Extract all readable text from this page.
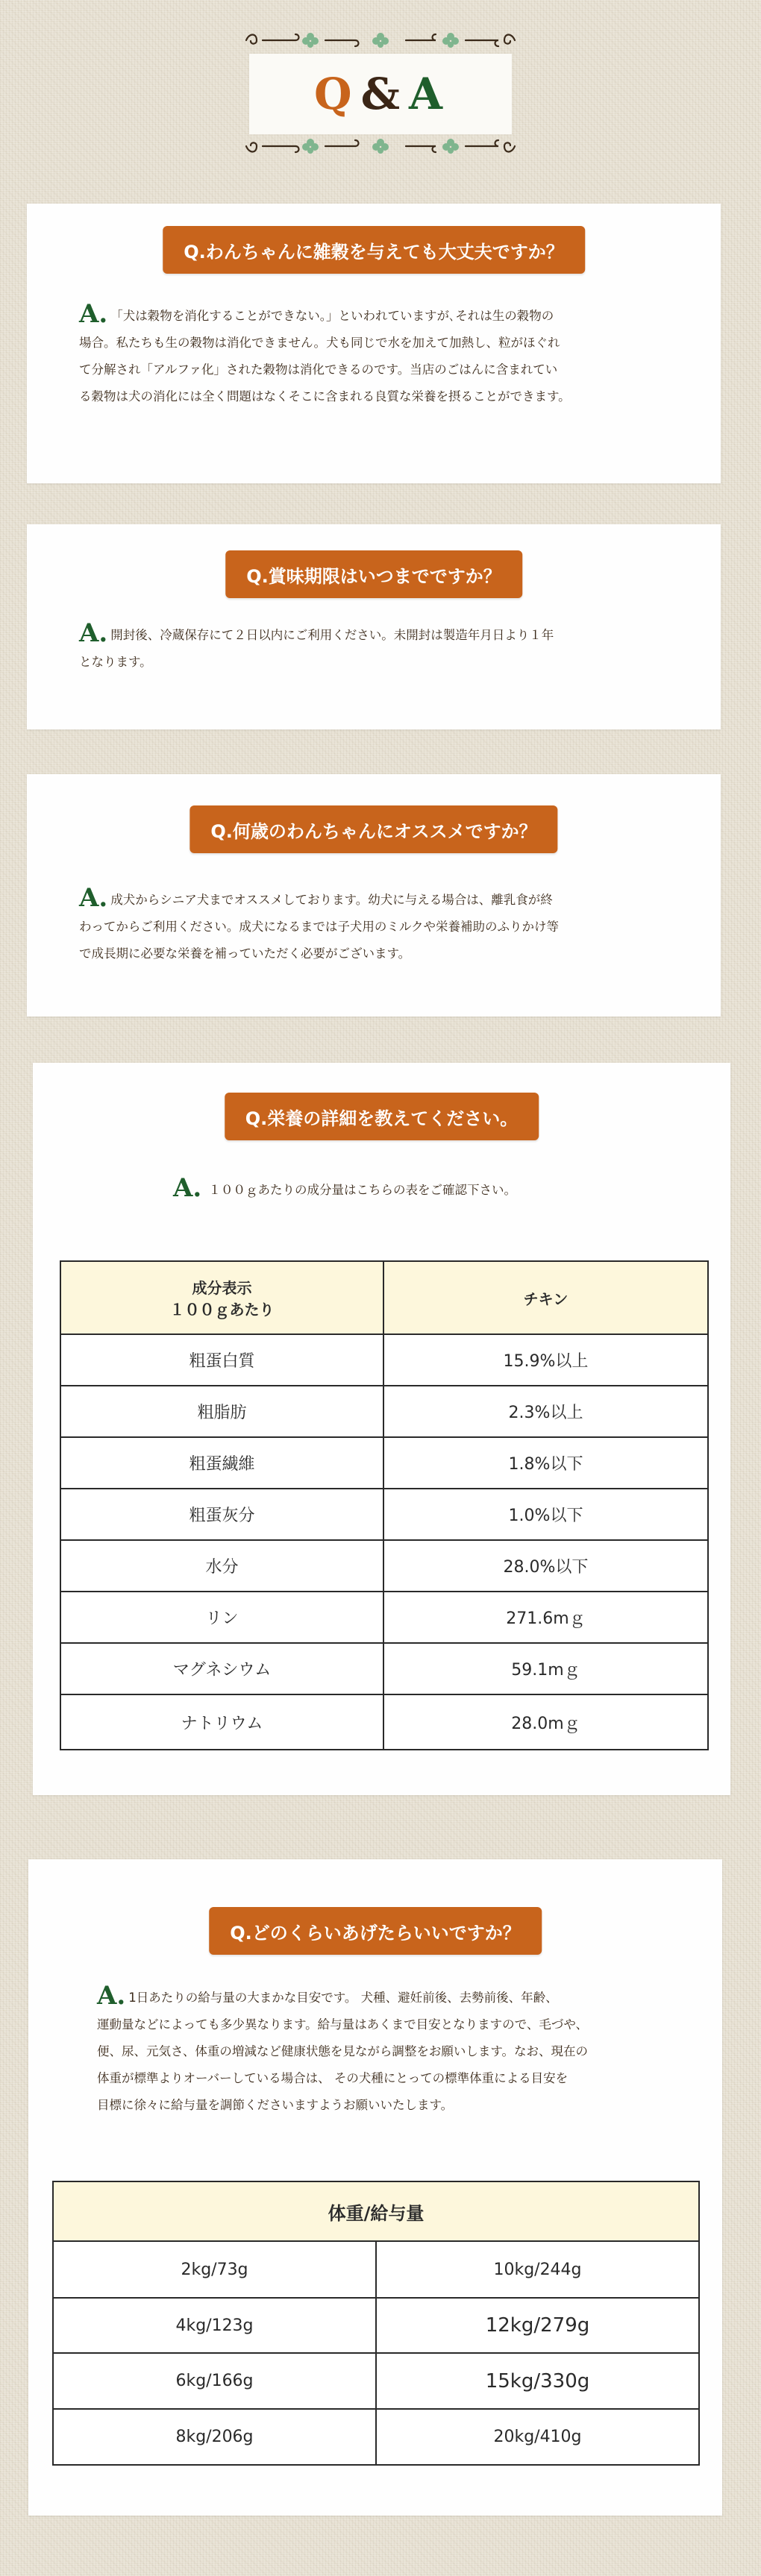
Q & A
Q.わんちゃんに雑穀を与えても大丈夫ですか？
A. 「犬は穀物を消化することができない。」といわれていますが､それは生の穀物の
場合。私たちも生の穀物は消化できません。犬も同じで水を加えて加熱し、粒がほぐれ
て分解され「アルファ化」された穀物は消化できるのです。当店のごはんに含まれてい
る穀物は犬の消化には全く問題はなくそこに含まれる良質な栄養を摂ることができます。
Q.賞味期限はいつまでですか？
A. 開封後、冷蔵保存にて２日以内にご利用ください。未開封は製造年月日より１年
となります。
Q.何歳のわんちゃんにオススメですか？
A. 成犬からシニア犬までオススメしております。幼犬に与える場合は、離乳食が終
わってからご利用ください。成犬になるまでは子犬用のミルクや栄養補助のふりかけ等
で成長期に必要な栄養を補っていただく必要がございます。
Q.栄養の詳細を教えてください。
A. １００ｇあたりの成分量はこちらの表をご確認下さい。
成分表示
１００ｇあたり	チキン
粗蛋白質	15.9%以上
粗脂肪	2.3%以上
粗蛋繊維	1.8%以下
粗蛋灰分	1.0%以下
水分	28.0%以下
リン	271.6mｇ
マグネシウム	59.1mｇ
ナトリウム	28.0mｇ
Q.どのくらいあげたらいいですか？
A. 1日あたりの給与量の大まかな目安です。 犬種、避妊前後、去勢前後、年齢、
運動量などによっても多少異なります。給与量はあくまで目安となりますので、毛づや、
便、尿、元気さ、体重の増減など健康状態を見ながら調整をお願いします。なお、現在の
体重が標準よりオーバーしている場合は、 その犬種にとっての標準体重による目安を
目標に徐々に給与量を調節くださいますようお願いいたします。
体重/給与量	
2kg/73g	10kg/244g
4kg/123g	12kg/279g
6kg/166g	15kg/330g
8kg/206g	20kg/410g
